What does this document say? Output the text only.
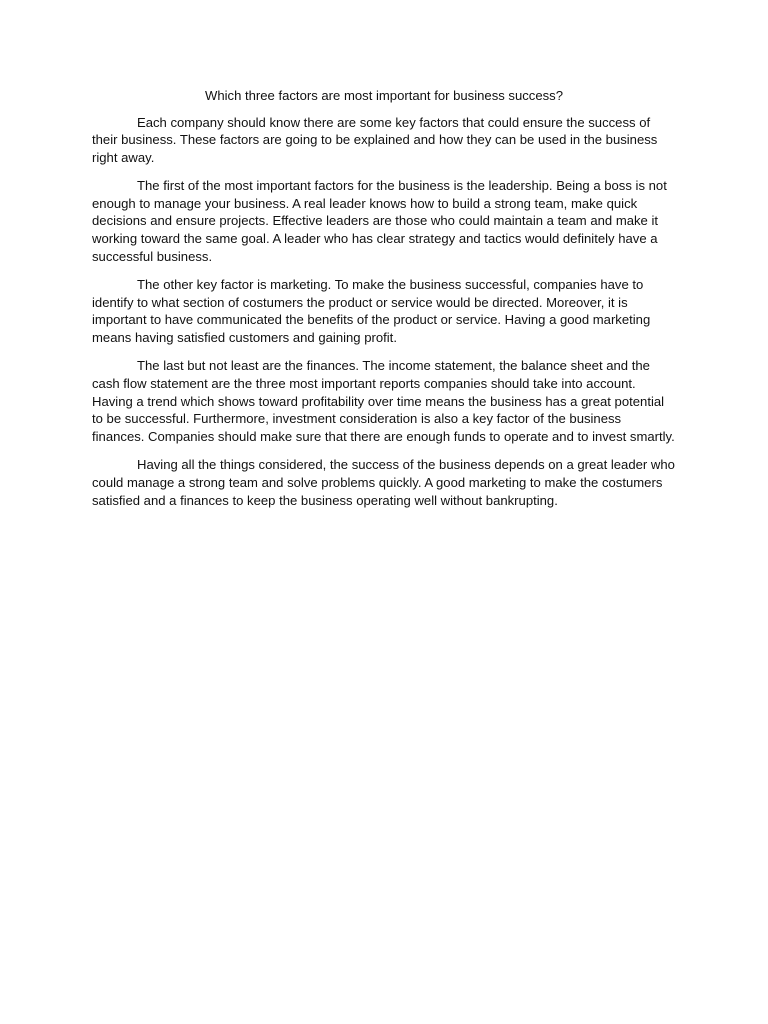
Which three factors are most important for business success?

Each company should know there are some key factors that could ensure the success of their business. These factors are going to be explained and how they can be used in the business right away.

The first of the most important factors for the business is the leadership. Being a boss is not enough to manage your business. A real leader knows how to build a strong team, make quick decisions and ensure projects. Effective leaders are those who could maintain a team and make it working toward the same goal. A leader who has clear strategy and tactics would definitely have a successful business.

The other key factor is marketing. To make the business successful, companies have to identify to what section of costumers the product or service would be directed. Moreover, it is important to have communicated the benefits of the product or service. Having a good marketing means having satisfied customers and gaining profit.

The last but not least are the finances. The income statement, the balance sheet and the cash flow statement are the three most important reports companies should take into account. Having a trend which shows toward profitability over time means the business has a great potential to be successful. Furthermore, investment consideration is also a key factor of the business finances. Companies should make sure that there are enough funds to operate and to invest smartly.

Having all the things considered, the success of the business depends on a great leader who could manage a strong team and solve problems quickly. A good marketing to make the costumers satisfied and a finances to keep the business operating well without bankrupting.
